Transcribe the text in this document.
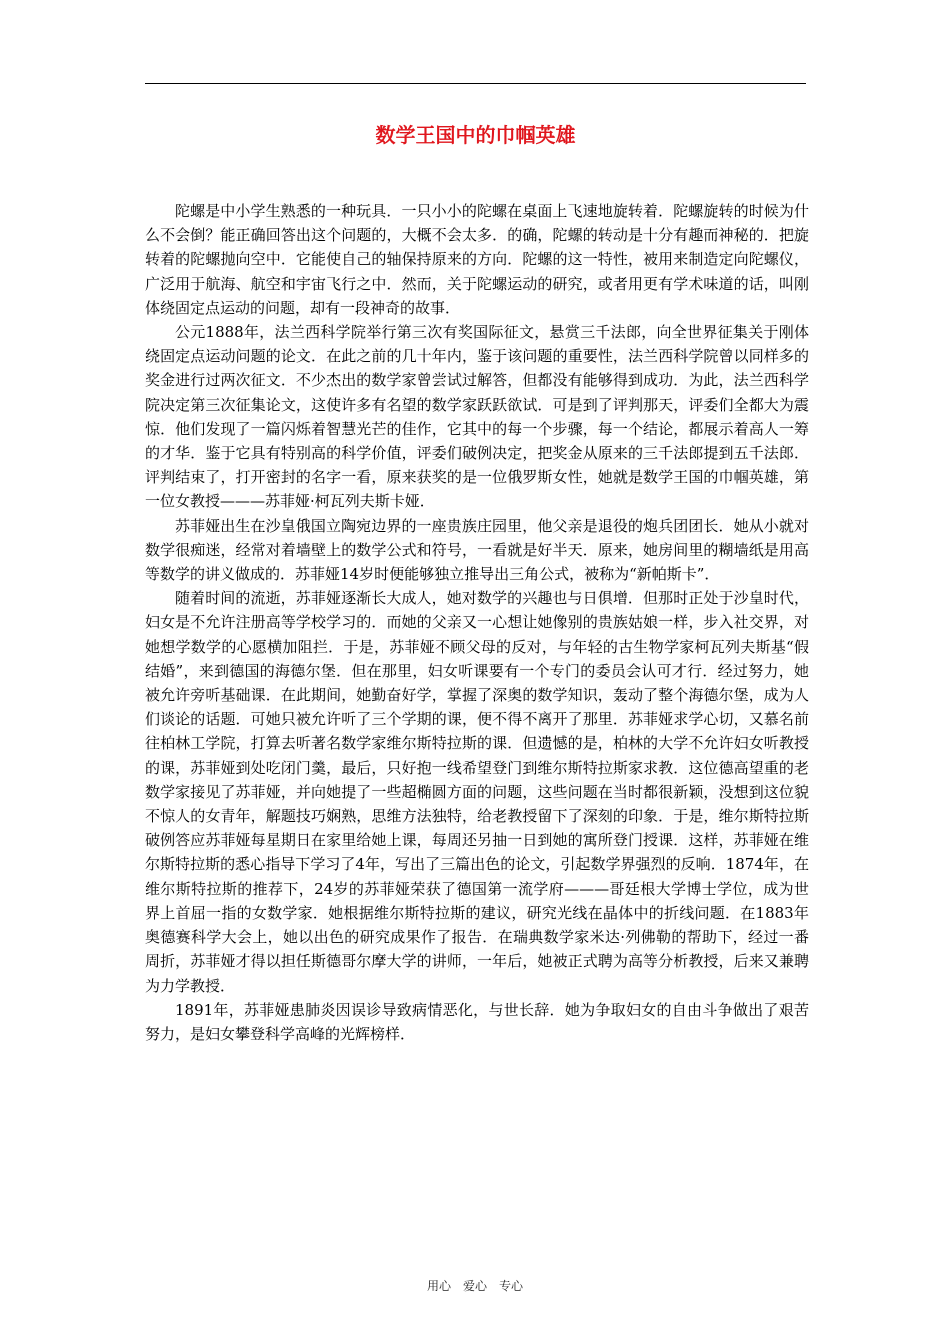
数学王国中的巾帼英雄

陀螺是中小学生熟悉的一种玩具．一只小小的陀螺在桌面上飞速地旋转着．陀螺旋转的时候为什么不会倒？能正确回答出这个问题的，大概不会太多．的确，陀螺的转动是十分有趣而神秘的．把旋转着的陀螺抛向空中．它能使自己的轴保持原来的方向．陀螺的这一特性，被用来制造定向陀螺仪，广泛用于航海、航空和宇宙飞行之中．然而，关于陀螺运动的研究，或者用更有学术味道的话，叫刚体绕固定点运动的问题，却有一段神奇的故事．

公元1888年，法兰西科学院举行第三次有奖国际征文，悬赏三千法郎，向全世界征集关于刚体绕固定点运动问题的论文．在此之前的几十年内，鉴于该问题的重要性，法兰西科学院曾以同样多的奖金进行过两次征文．不少杰出的数学家曾尝试过解答，但都没有能够得到成功．为此，法兰西科学院决定第三次征集论文，这使许多有名望的数学家跃跃欲试．可是到了评判那天，评委们全都大为震惊．他们发现了一篇闪烁着智慧光芒的佳作，它其中的每一个步骤，每一个结论，都展示着高人一筹的才华．鉴于它具有特别高的科学价值，评委们破例决定，把奖金从原来的三千法郎提到五千法郎．评判结束了，打开密封的名字一看，原来获奖的是一位俄罗斯女性，她就是数学王国的巾帼英雄，第一位女教授———苏菲娅·柯瓦列夫斯卡娅．

苏菲娅出生在沙皇俄国立陶宛边界的一座贵族庄园里，他父亲是退役的炮兵团团长．她从小就对数学很痴迷，经常对着墙壁上的数学公式和符号，一看就是好半天．原来，她房间里的糊墙纸是用高等数学的讲义做成的．苏菲娅14岁时便能够独立推导出三角公式，被称为“新帕斯卡”．

随着时间的流逝，苏菲娅逐渐长大成人，她对数学的兴趣也与日俱增．但那时正处于沙皇时代，妇女是不允许注册高等学校学习的．而她的父亲又一心想让她像别的贵族姑娘一样，步入社交界，对她想学数学的心愿横加阻拦．于是，苏菲娅不顾父母的反对，与年轻的古生物学家柯瓦列夫斯基“假结婚”，来到德国的海德尔堡．但在那里，妇女听课要有一个专门的委员会认可才行．经过努力，她被允许旁听基础课．在此期间，她勤奋好学，掌握了深奥的数学知识，轰动了整个海德尔堡，成为人们谈论的话题．可她只被允许听了三个学期的课，便不得不离开了那里．苏菲娅求学心切，又慕名前往柏林工学院，打算去听著名数学家维尔斯特拉斯的课．但遗憾的是，柏林的大学不允许妇女听教授的课，苏菲娅到处吃闭门羹，最后，只好抱一线希望登门到维尔斯特拉斯家求教．这位德高望重的老数学家接见了苏菲娅，并向她提了一些超椭圆方面的问题，这些问题在当时都很新颖，没想到这位貌不惊人的女青年，解题技巧娴熟，思维方法独特，给老教授留下了深刻的印象．于是，维尔斯特拉斯破例答应苏菲娅每星期日在家里给她上课，每周还另抽一日到她的寓所登门授课．这样，苏菲娅在维尔斯特拉斯的悉心指导下学习了4年，写出了三篇出色的论文，引起数学界强烈的反响．1874年，在维尔斯特拉斯的推荐下，24岁的苏菲娅荣获了德国第一流学府———哥廷根大学博士学位，成为世界上首屈一指的女数学家．她根据维尔斯特拉斯的建议，研究光线在晶体中的折线问题．在1883年奥德赛科学大会上，她以出色的研究成果作了报告．在瑞典数学家米达·列佛勒的帮助下，经过一番周折，苏菲娅才得以担任斯德哥尔摩大学的讲师，一年后，她被正式聘为高等分析教授，后来又兼聘为力学教授．

1891年，苏菲娅患肺炎因误诊导致病情恶化，与世长辞．她为争取妇女的自由斗争做出了艰苦努力，是妇女攀登科学高峰的光辉榜样．

用心　爱心　专心
